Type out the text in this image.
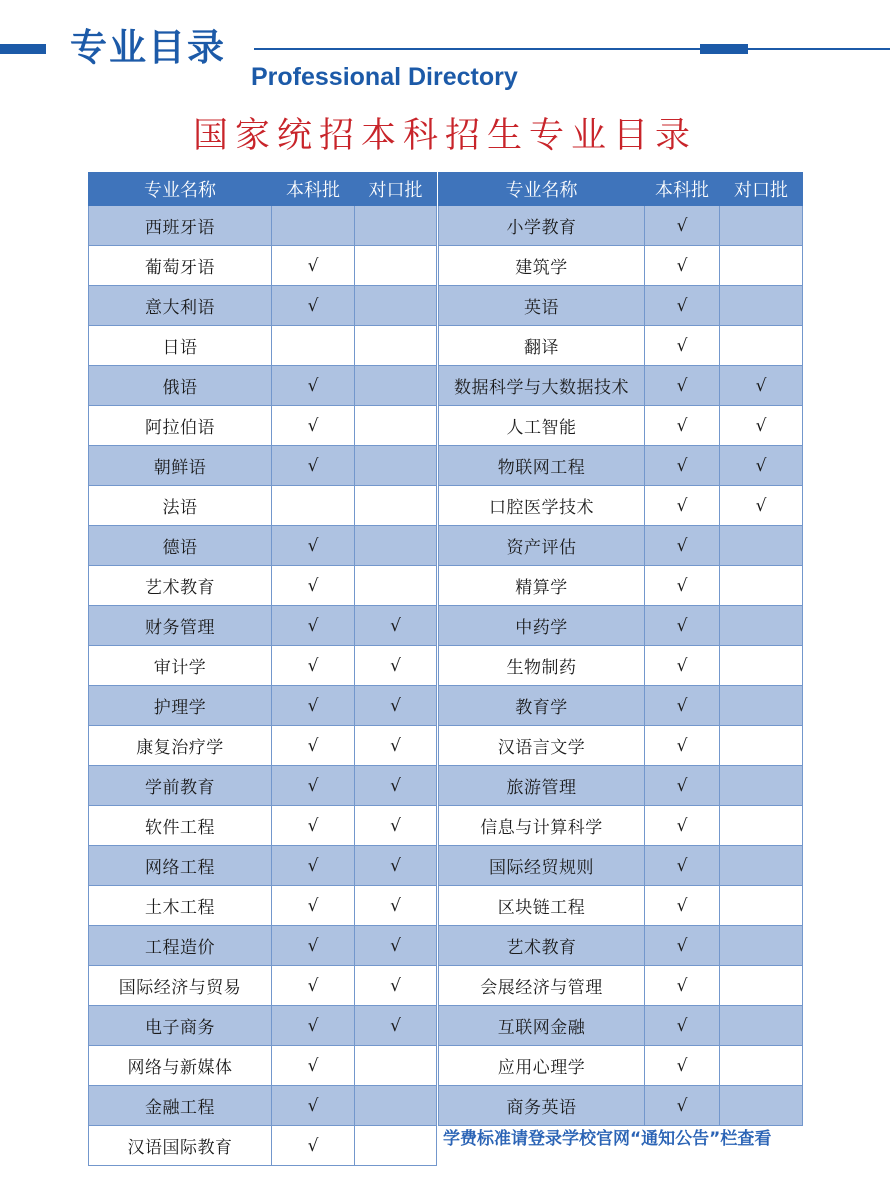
专业目录
Professional Directory
国家统招本科招生专业目录
专业名称	本科批	对口批
西班牙语		
葡萄牙语	√	
意大利语	√	
日语		
俄语	√	
阿拉伯语	√	
朝鲜语	√	
法语		
德语	√	
艺术教育	√	
财务管理	√	√
审计学	√	√
护理学	√	√
康复治疗学	√	√
学前教育	√	√
软件工程	√	√
网络工程	√	√
土木工程	√	√
工程造价	√	√
国际经济与贸易	√	√
电子商务	√	√
网络与新媒体	√	
金融工程	√	
汉语国际教育	√	
专业名称	本科批	对口批
小学教育	√	
建筑学	√	
英语	√	
翻译	√	
数据科学与大数据技术	√	√
人工智能	√	√
物联网工程	√	√
口腔医学技术	√	√
资产评估	√	
精算学	√	
中药学	√	
生物制药	√	
教育学	√	
汉语言文学	√	
旅游管理	√	
信息与计算科学	√	
国际经贸规则	√	
区块链工程	√	
艺术教育	√	
会展经济与管理	√	
互联网金融	√	
应用心理学	√	
商务英语	√	
学费标准请登录学校官网“通知公告”栏查看
